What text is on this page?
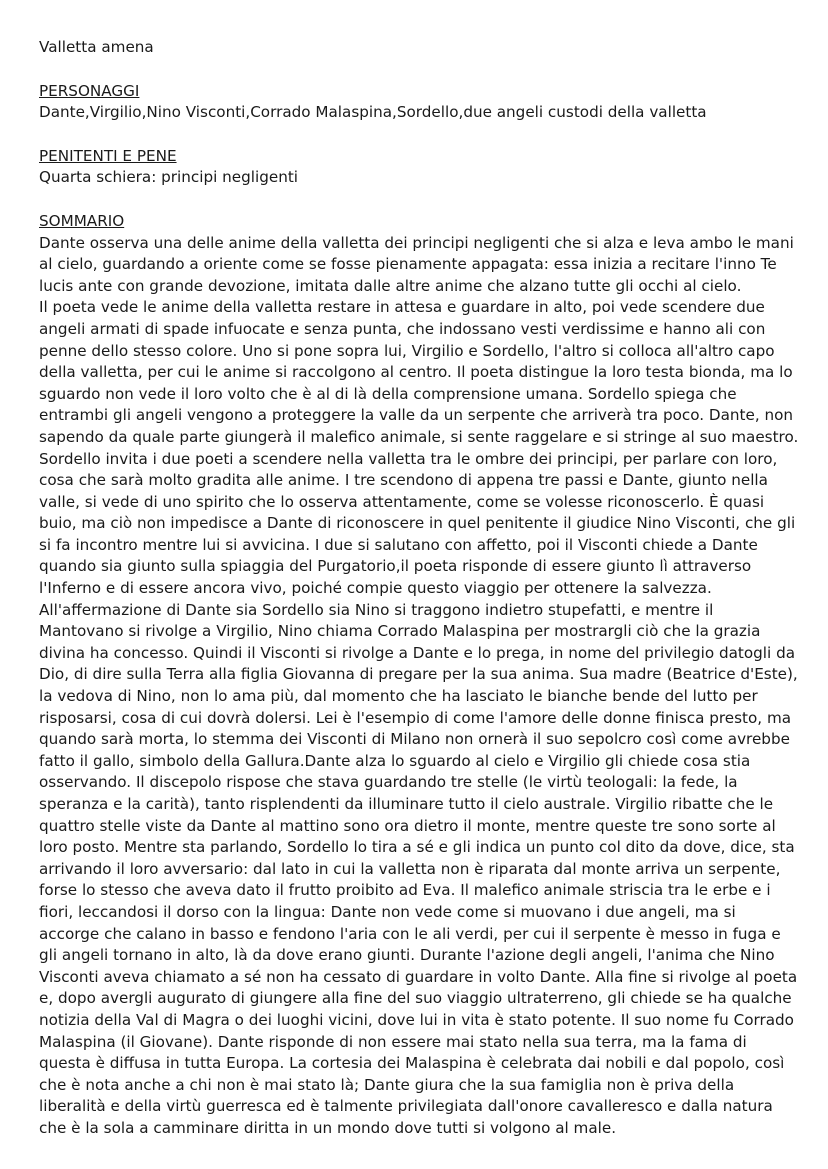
Valletta amena
PERSONAGGI
Dante,Virgilio,Nino Visconti,Corrado Malaspina,Sordello,due angeli custodi della valletta
PENITENTI E PENE
Quarta schiera: principi negligenti
SOMMARIO

Dante osserva una delle anime della valletta dei principi negligenti che si alza e leva ambo le mani al cielo, guardando a oriente come se fosse pienamente appagata: essa inizia a recitare l'inno Te lucis ante con grande devozione, imitata dalle altre anime che alzano tutte gli occhi al cielo.

Il poeta vede le anime della valletta restare in attesa e guardare in alto, poi vede scendere due angeli armati di spade infuocate e senza punta, che indossano vesti verdissime e hanno ali con penne dello stesso colore. Uno si pone sopra lui, Virgilio e Sordello, l'altro si colloca all'altro capo della valletta, per cui le anime si raccolgono al centro. Il poeta distingue la loro testa bionda, ma lo sguardo non vede il loro volto che è al di là della comprensione umana. Sordello spiega che entrambi gli angeli vengono a proteggere la valle da un serpente che arriverà tra poco. Dante, non sapendo da quale parte giungerà il malefico animale, si sente raggelare e si stringe al suo maestro. Sordello invita i due poeti a scendere nella valletta tra le ombre dei principi, per parlare con loro, cosa che sarà molto gradita alle anime. I tre scendono di appena tre passi e Dante, giunto nella valle, si vede di uno spirito che lo osserva attentamente, come se volesse riconoscerlo. È quasi buio, ma ciò non impedisce a Dante di riconoscere in quel penitente il giudice Nino Visconti, che gli si fa incontro mentre lui si avvicina. I due si salutano con affetto, poi il Visconti chiede a Dante quando sia giunto sulla spiaggia del Purgatorio,il poeta risponde di essere giunto lì attraverso l'Inferno e di essere ancora vivo, poiché compie questo viaggio per ottenere la salvezza. All'affermazione di Dante sia Sordello sia Nino si traggono indietro stupefatti, e mentre il Mantovano si rivolge a Virgilio, Nino chiama Corrado Malaspina per mostrargli ciò che la grazia divina ha concesso. Quindi il Visconti si rivolge a Dante e lo prega, in nome del privilegio datogli da Dio, di dire sulla Terra alla figlia Giovanna di pregare per la sua anima. Sua madre (Beatrice d'Este), la vedova di Nino, non lo ama più, dal momento che ha lasciato le bianche bende del lutto per risposarsi, cosa di cui dovrà dolersi. Lei è l'esempio di come l'amore delle donne finisca presto, ma quando sarà morta, lo stemma dei Visconti di Milano non ornerà il suo sepolcro così come avrebbe fatto il gallo, simbolo della Gallura.Dante alza lo sguardo al cielo e Virgilio gli chiede cosa stia osservando. Il discepolo rispose che stava guardando tre stelle (le virtù teologali: la fede, la speranza e la carità), tanto risplendenti da illuminare tutto il cielo australe. Virgilio ribatte che le quattro stelle viste da Dante al mattino sono ora dietro il monte, mentre queste tre sono sorte al loro posto. Mentre sta parlando, Sordello lo tira a sé e gli indica un punto col dito da dove, dice, sta arrivando il loro avversario: dal lato in cui la valletta non è riparata dal monte arriva un serpente, forse lo stesso che aveva dato il frutto proibito ad Eva. Il malefico animale striscia tra le erbe e i fiori, leccandosi il dorso con la lingua: Dante non vede come si muovano i due angeli, ma si accorge che calano in basso e fendono l'aria con le ali verdi, per cui il serpente è messo in fuga e gli angeli tornano in alto, là da dove erano giunti. Durante l'azione degli angeli, l'anima che Nino Visconti aveva chiamato a sé non ha cessato di guardare in volto Dante. Alla fine si rivolge al poeta e, dopo avergli augurato di giungere alla fine del suo viaggio ultraterreno, gli chiede se ha qualche notizia della Val di Magra o dei luoghi vicini, dove lui in vita è stato potente. Il suo nome fu Corrado Malaspina (il Giovane). Dante risponde di non essere mai stato nella sua terra, ma la fama di questa è diffusa in tutta Europa. La cortesia dei Malaspina è celebrata dai nobili e dal popolo, così che è nota anche a chi non è mai stato là; Dante giura che la sua famiglia non è priva della liberalità e della virtù guerresca ed è talmente privilegiata dall'onore cavalleresco e dalla natura che è la sola a camminare diritta in un mondo dove tutti si volgono al male.
